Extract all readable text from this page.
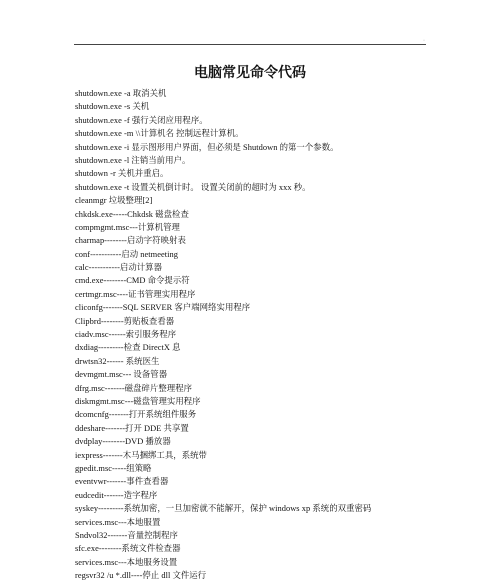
·
电脑常见命令代码
shutdown.exe -a 取消关机
shutdown.exe -s 关机
shutdown.exe -f 强行关闭应用程序。
shutdown.exe -m \\计算机名 控制远程计算机。
shutdown.exe -i 显示图形用户界面，但必须是 Shutdown 的第一个参数。
shutdown.exe -l 注销当前用户。
shutdown -r 关机并重启。
shutdown.exe -t 设置关机倒计时。 设置关闭前的超时为 xxx 秒。
cleanmgr 垃圾整理[2]
chkdsk.exe-----Chkdsk 磁盘检查
compmgmt.msc---计算机管理
charmap--------启动字符映射表
conf-----------启动 netmeeting
calc-----------启动计算器
cmd.exe--------CMD 命令提示符
certmgr.msc----证书管理实用程序
cliconfg-------SQL SERVER 客户端网络实用程序
Clipbrd--------剪贴板查看器
ciadv.msc------索引服务程序
dxdiag---------检查 DirectX 息
drwtsn32------ 系统医生
devmgmt.msc--- 设备管器
dfrg.msc-------磁盘碎片整理程序
diskmgmt.msc---磁盘管理实用程序
dcomcnfg-------打开系统组件服务
ddeshare-------打开 DDE 共享置
dvdplay--------DVD 播放器
iexpress-------木马捆绑工具，系统带
gpedit.msc-----组策略
eventvwr-------事件查看器
eudcedit-------造字程序
syskey---------系统加密，一旦加密就不能解开，保护 windows xp 系统的双重密码
services.msc---本地服置
Sndvol32-------音量控制程序
sfc.exe--------系统文件检查器
services.msc---本地服务设置
regsvr32 /u *.dll----停止 dll 文件运行
